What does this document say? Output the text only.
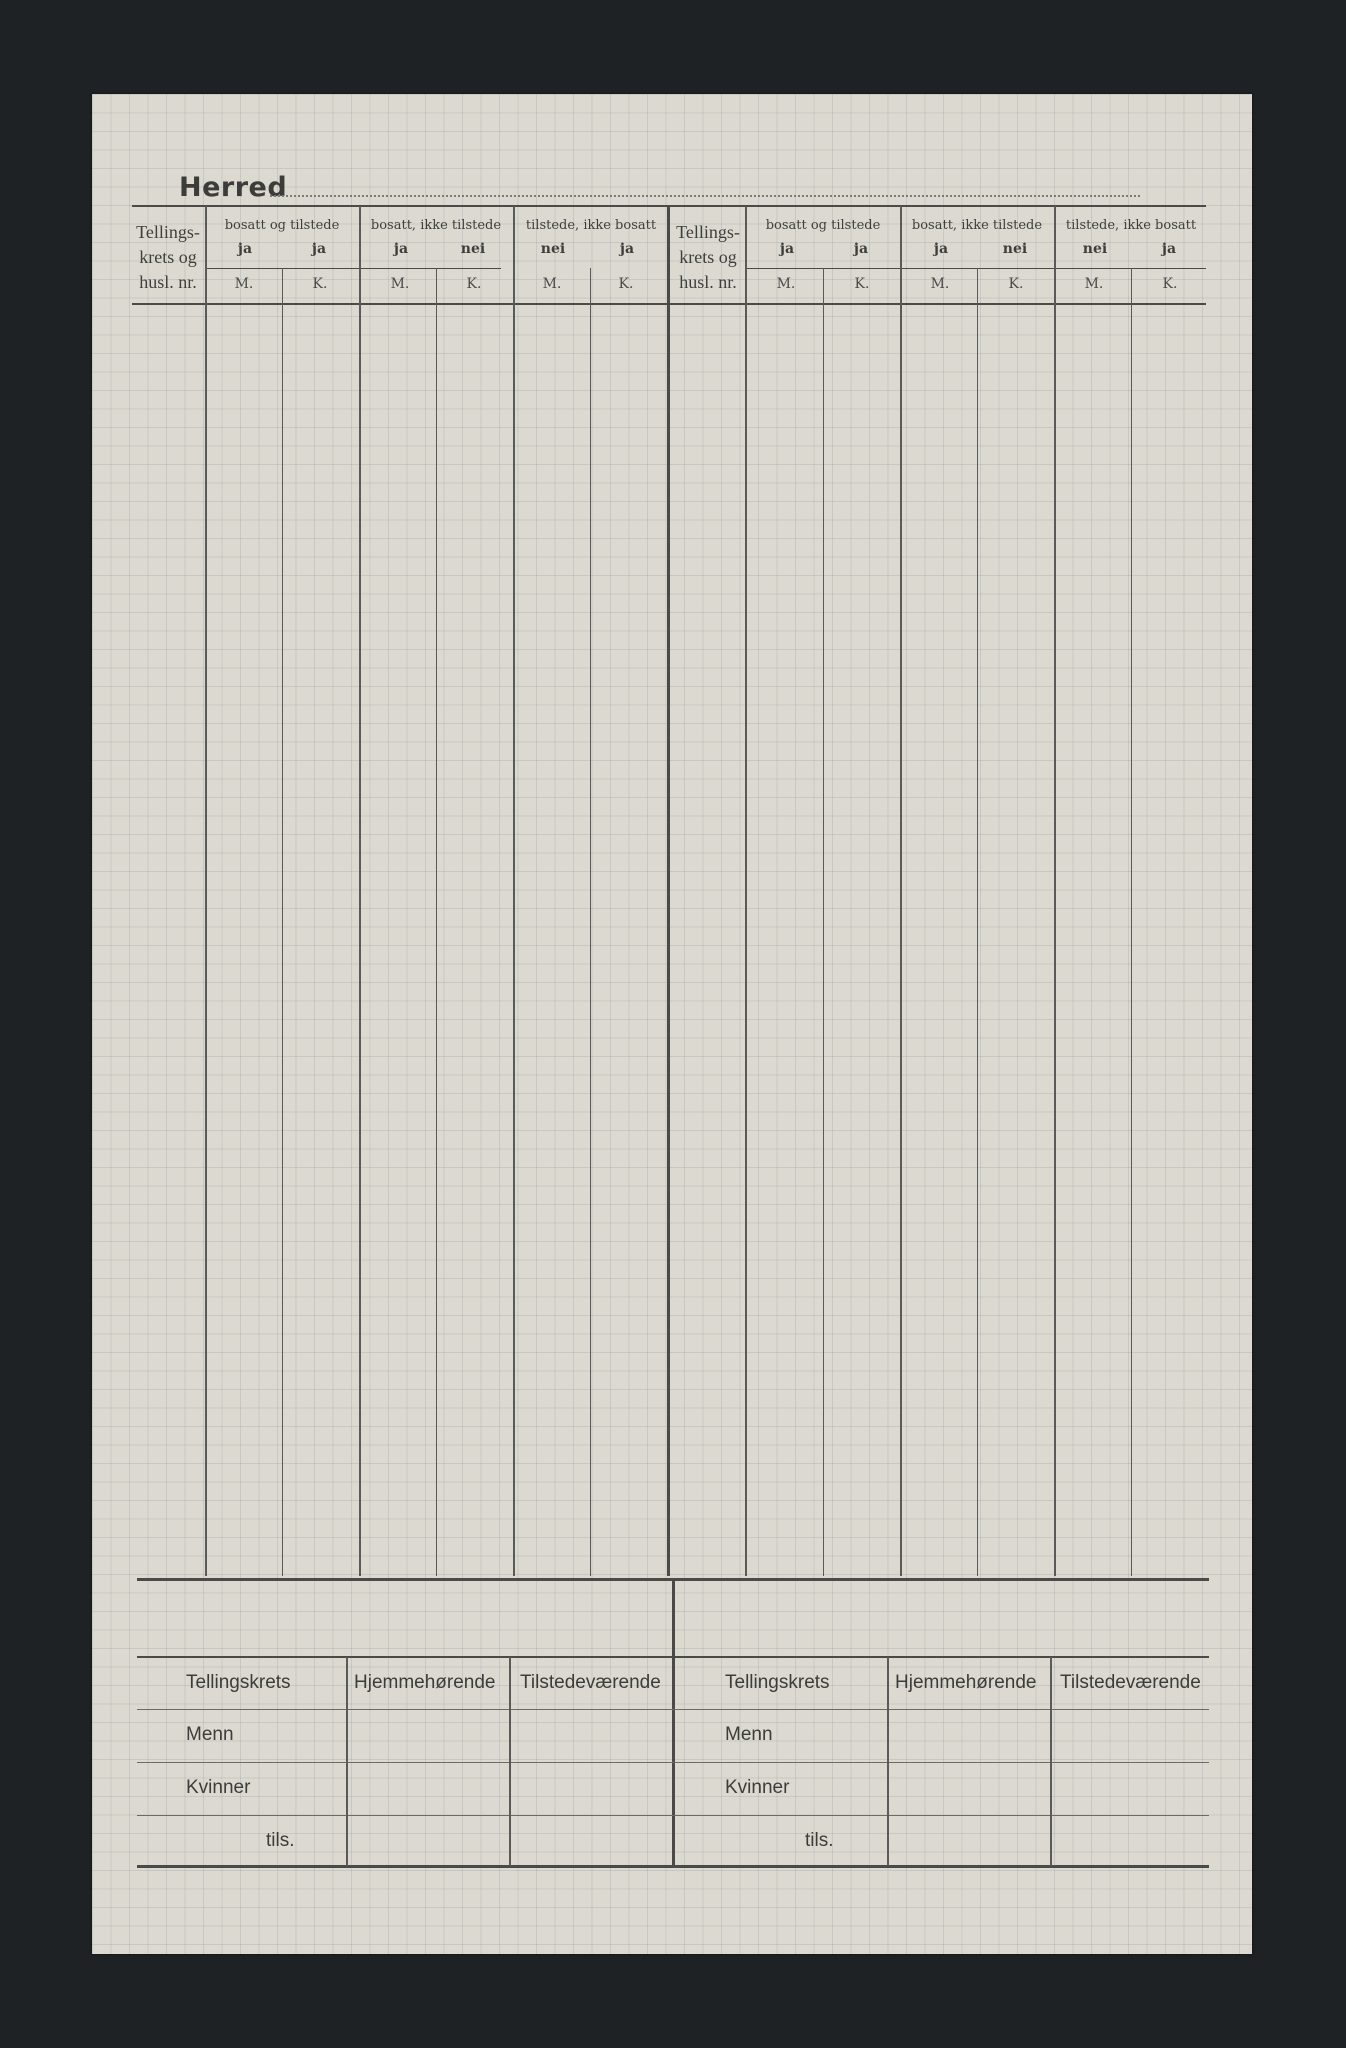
Herred
Tellings-
krets og
husl. nr.
bosatt og tilstede	bosatt, ikke tilstede	tilstede, ikke bosatt
ja	ja	ja	nei	nei	ja
M.	K.	M.	K.	M.	K.
Tellings-
krets og
husl. nr.
bosatt og tilstede	bosatt, ikke tilstede	tilstede, ikke bosatt
ja	ja	ja	nei	nei	ja
M.	K.	M.	K.	M.	K.
Tellingskrets	Hjemmehørende Tilstedeværende
Menn
Kvinner
tils.
Tellingskrets	Hjemmehørende Tilstedeværende
Menn
Kvinner
tils.
